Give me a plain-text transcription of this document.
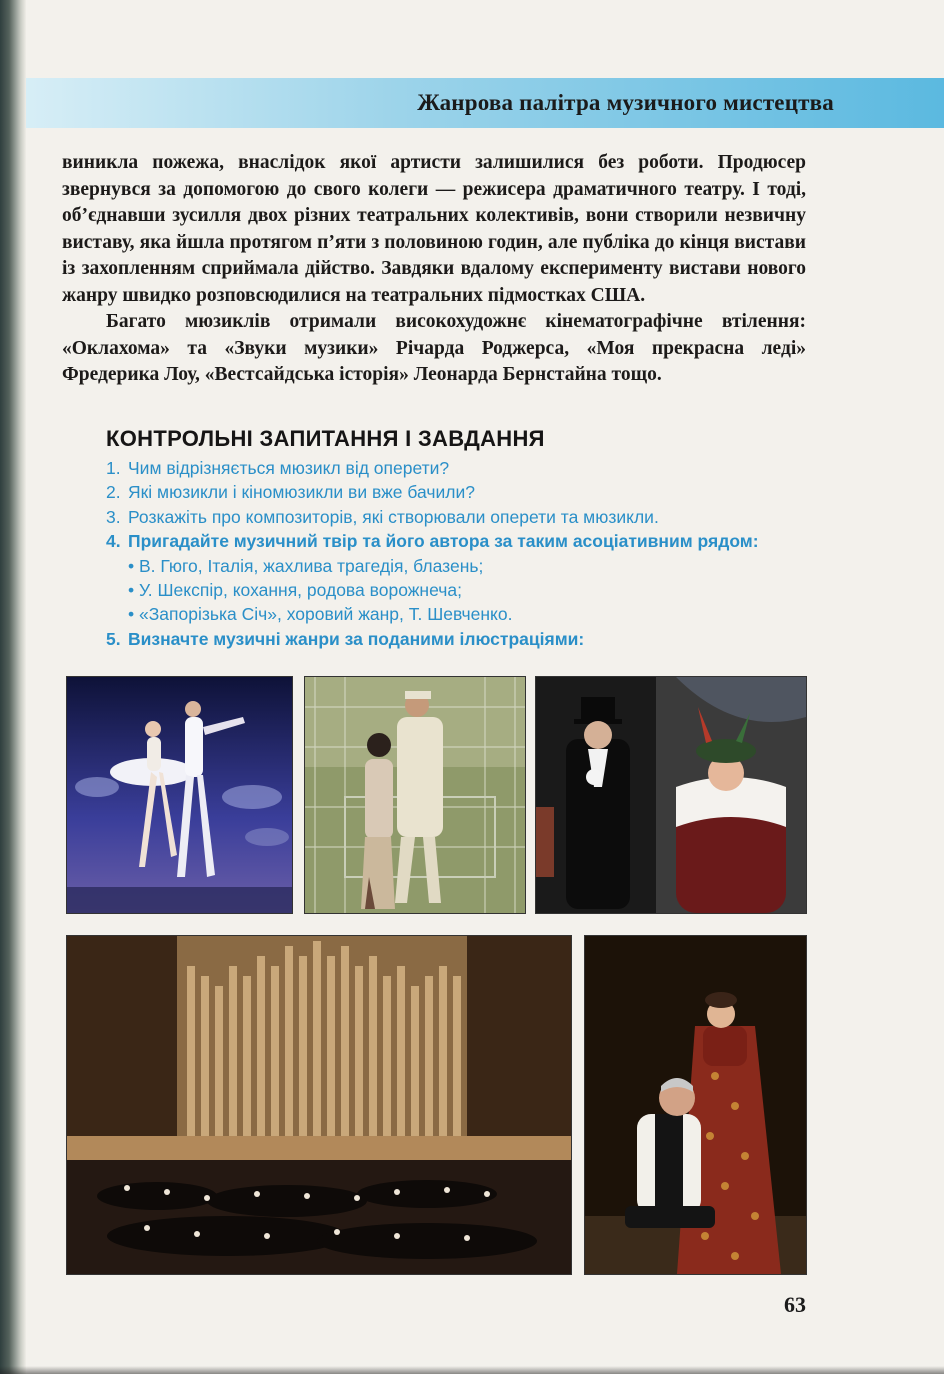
Жанрова палітра музичного мистецтва

виникла пожежа, внаслідок якої артисти залишилися без роботи. Продюсер звернувся за допомогою до свого колеги — режисера драматичного театру. І тоді, об’єднавши зусилля двох різних театральних колективів, вони створили незвичну виставу, яка йшла протягом п’яти з половиною годин, але публіка до кінця вистави із захопленням сприймала дійство. Завдяки вдалому експерименту вистави нового жанру швидко розповсюдилися на театральних підмостках США.

Багато мюзиклів отримали високохудожнє кінематографічне втілення: «Оклахома» та «Звуки музики» Річарда Роджерса, «Моя прекрасна леді» Фредерика Лоу, «Вестсайдська історія» Леонарда Бернстайна тощо.

КОНТРОЛЬНІ ЗАПИТАННЯ І ЗАВДАННЯ
1. Чим відрізняється мюзикл від оперети?
2. Які мюзикли і кіномюзикли ви вже бачили?
3. Розкажіть про композиторів, які створювали оперети та мюзикли.
4. Пригадайте музичний твір та його автора за таким асоціативним рядом:
• В. Гюго, Італія, жахлива трагедія, блазень;
• У. Шекспір, кохання, родова ворожнеча;
• «Запорізька Січ», хоровий жанр, Т. Шевченко.
5. Визначте музичні жанри за поданими ілюстраціями:
63
